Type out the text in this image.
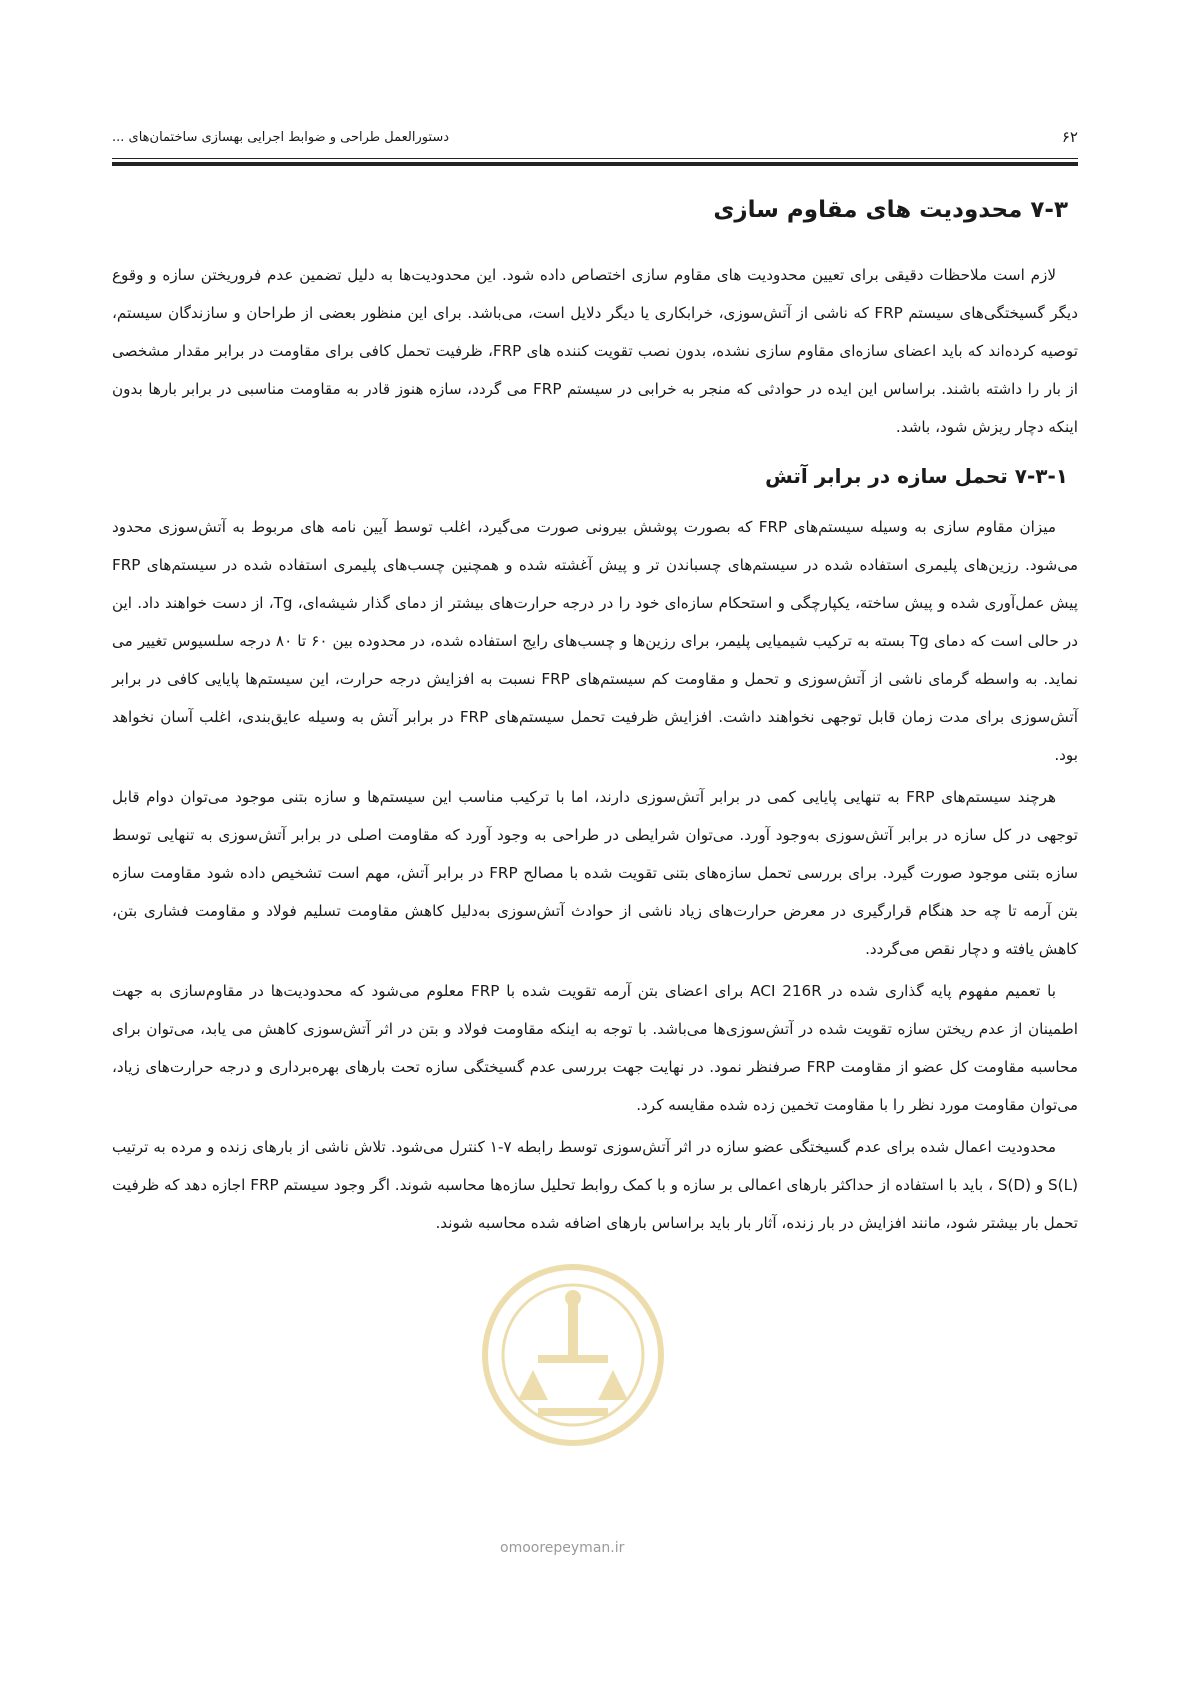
۶۲
دستورالعمل طراحی و ضوابط اجرایی بهسازی ساختمان‌های ...
۷-۳ محدودیت های مقاوم سازی

لازم است ملاحظات دقیقی برای تعیین محدودیت های مقاوم سازی اختصاص داده شود. این محدودیت‌ها به دلیل تضمین عدم فروریختن سازه و وقوع دیگر گسیختگی‌های سیستم FRP که ناشی از آتش‌سوزی، خرابکاری یا دیگر دلایل است، می‌باشد. برای این منظور بعضی از طراحان و سازندگان سیستم، توصیه کرده‌اند که باید اعضای سازه‌ای مقاوم سازی نشده، بدون نصب تقویت کننده های FRP، ظرفیت تحمل کافی برای مقاومت در برابر مقدار مشخصی از بار را داشته باشند. براساس این ایده در حوادثی که منجر به خرابی در سیستم FRP می گردد، سازه هنوز قادر به مقاومت مناسبی در برابر بارها بدون اینکه دچار ریزش شود، باشد.

۷-۳-۱ تحمل سازه در برابر آتش

میزان مقاوم سازی به وسیله سیستم‌های FRP که بصورت پوشش بیرونی صورت می‌گیرد، اغلب توسط آیین نامه های مربوط به آتش‌سوزی محدود می‌شود. رزین‌های پلیمری استفاده شده در سیستم‌های چسباندن تر و پیش آغشته شده و همچنین چسب‌های پلیمری استفاده شده در سیستم‌های FRP پیش عمل‌آوری شده و پیش ساخته، یکپارچگی و استحکام سازه‌ای خود را در درجه حرارت‌های بیشتر از دمای گذار شیشه‌ای، Tg، از دست خواهند داد. این در حالی است که دمای Tg بسته به ترکیب شیمیایی پلیمر، برای رزین‌ها و چسب‌های رایج استفاده شده، در محدوده بین ۶۰ تا ۸۰ درجه سلسیوس تغییر می نماید. به واسطه گرمای ناشی از آتش‌سوزی و تحمل و مقاومت کم سیستم‌های FRP نسبت به افزایش درجه حرارت، این سیستم‌ها پایایی کافی در برابر آتش‌سوزی برای مدت زمان قابل توجهی نخواهند داشت. افزایش ظرفیت تحمل سیستم‌های FRP در برابر آتش به وسیله عایق‌بندی، اغلب آسان نخواهد بود.

هرچند سیستم‌های FRP به تنهایی پایایی کمی در برابر آتش‌سوزی دارند، اما با ترکیب مناسب این سیستم‌ها و سازه بتنی موجود می‌توان دوام قابل توجهی در کل سازه در برابر آتش‌سوزی به‌وجود آورد. می‌توان شرایطی در طراحی به وجود آورد که مقاومت اصلی در برابر آتش‌سوزی به تنهایی توسط سازه بتنی موجود صورت گیرد. برای بررسی تحمل سازه‌های بتنی تقویت شده با مصالح FRP در برابر آتش، مهم است تشخیص داده شود مقاومت سازه بتن آرمه تا چه حد هنگام قرارگیری در معرض حرارت‌های زیاد ناشی از حوادث آتش‌سوزی به‌دلیل کاهش مقاومت تسلیم فولاد و مقاومت فشاری بتن، کاهش یافته و دچار نقص می‌گردد.

با تعمیم مفهوم پایه گذاری شده در ACI 216R برای اعضای بتن آرمه تقویت شده با FRP معلوم می‌شود که محدودیت‌ها در مقاوم‌سازی به جهت اطمینان از عدم ریختن سازه تقویت شده در آتش‌سوزی‌ها می‌باشد. با توجه به اینکه مقاومت فولاد و بتن در اثر آتش‌سوزی کاهش می یابد، می‌توان برای محاسبه مقاومت کل عضو از مقاومت FRP صرفنظر نمود. در نهایت جهت بررسی عدم گسیختگی سازه تحت بارهای بهره‌برداری و درجه حرارت‌های زیاد، می‌توان مقاومت مورد نظر را با مقاومت تخمین زده شده مقایسه کرد.

محدودیت اعمال شده برای عدم گسیختگی عضو سازه در اثر آتش‌سوزی توسط رابطه ۷-۱ کنترل می‌شود. تلاش ناشی از بارهای زنده و مرده به ترتیب S(L) و S(D) ، باید با استفاده از حداکثر بارهای اعمالی بر سازه و با کمک روابط تحلیل سازه‌ها محاسبه شوند. اگر وجود سیستم FRP اجازه دهد که ظرفیت تحمل بار بیشتر شود، مانند افزایش در بار زنده، آثار بار باید براساس بارهای اضافه شده محاسبه شوند.

omoorepeyman.ir
